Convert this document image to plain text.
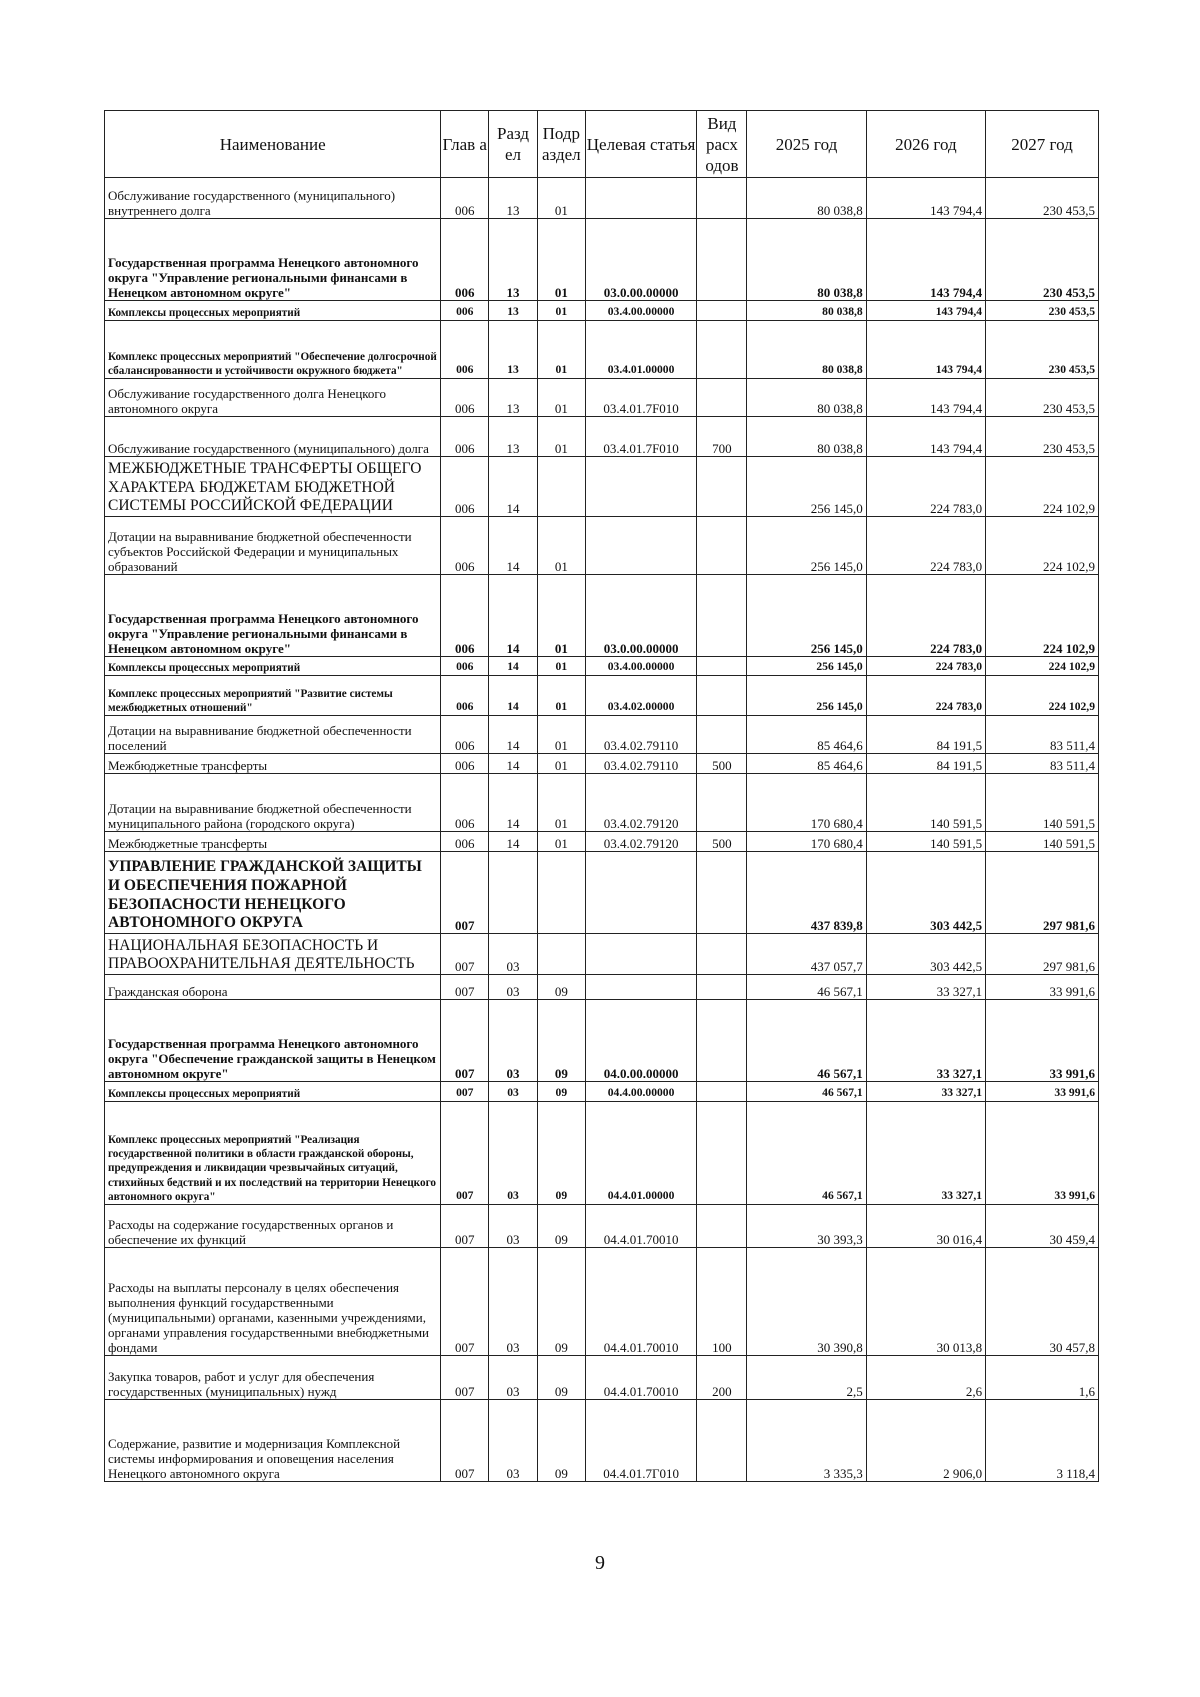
Наименование	Глав а	Разд ел	Подр аздел	Целевая статья	Вид расх одов	2025 год	2026 год	2027 год
Обслуживание государственного (муниципального) внутреннего долга	006	13	01			80 038,8	143 794,4	230 453,5
Государственная программа Ненецкого автономного округа "Управление региональными финансами в Ненецком автономном округе"	006	13	01	03.0.00.00000		80 038,8	143 794,4	230 453,5
Комплексы процессных мероприятий	006	13	01	03.4.00.00000		80 038,8	143 794,4	230 453,5
Комплекс процессных мероприятий "Обеспечение долгосрочной сбалансированности и устойчивости окружного бюджета"	006	13	01	03.4.01.00000		80 038,8	143 794,4	230 453,5
Обслуживание государственного долга Ненецкого автономного округа	006	13	01	03.4.01.7F010		80 038,8	143 794,4	230 453,5
Обслуживание государственного (муниципального) долга	006	13	01	03.4.01.7F010	700	80 038,8	143 794,4	230 453,5
МЕЖБЮДЖЕТНЫЕ ТРАНСФЕРТЫ ОБЩЕГО ХАРАКТЕРА БЮДЖЕТАМ БЮДЖЕТНОЙ СИСТЕМЫ РОССИЙСКОЙ ФЕДЕРАЦИИ	006	14				256 145,0	224 783,0	224 102,9
Дотации на выравнивание бюджетной обеспеченности субъектов Российской Федерации и муниципальных образований	006	14	01			256 145,0	224 783,0	224 102,9
Государственная программа Ненецкого автономного округа "Управление региональными финансами в Ненецком автономном округе"	006	14	01	03.0.00.00000		256 145,0	224 783,0	224 102,9
Комплексы процессных мероприятий	006	14	01	03.4.00.00000		256 145,0	224 783,0	224 102,9
Комплекс процессных мероприятий "Развитие системы межбюджетных отношений"	006	14	01	03.4.02.00000		256 145,0	224 783,0	224 102,9
Дотации на выравнивание бюджетной обеспеченности поселений	006	14	01	03.4.02.79110		85 464,6	84 191,5	83 511,4
Межбюджетные трансферты	006	14	01	03.4.02.79110	500	85 464,6	84 191,5	83 511,4
Дотации на выравнивание бюджетной обеспеченности муниципального района (городского округа)	006	14	01	03.4.02.79120		170 680,4	140 591,5	140 591,5
Межбюджетные трансферты	006	14	01	03.4.02.79120	500	170 680,4	140 591,5	140 591,5
УПРАВЛЕНИЕ ГРАЖДАНСКОЙ ЗАЩИТЫ И ОБЕСПЕЧЕНИЯ ПОЖАРНОЙ БЕЗОПАСНОСТИ НЕНЕЦКОГО АВТОНОМНОГО ОКРУГА	007					437 839,8	303 442,5	297 981,6
НАЦИОНАЛЬНАЯ БЕЗОПАСНОСТЬ И ПРАВООХРАНИТЕЛЬНАЯ ДЕЯТЕЛЬНОСТЬ	007	03				437 057,7	303 442,5	297 981,6
Гражданская оборона	007	03	09			46 567,1	33 327,1	33 991,6
Государственная программа Ненецкого автономного округа "Обеспечение гражданской защиты в Ненецком автономном округе"	007	03	09	04.0.00.00000		46 567,1	33 327,1	33 991,6
Комплексы процессных мероприятий	007	03	09	04.4.00.00000		46 567,1	33 327,1	33 991,6
Комплекс процессных мероприятий "Реализация государственной политики в области гражданской обороны, предупреждения и ликвидации чрезвычайных ситуаций, стихийных бедствий и их последствий на территории Ненецкого автономного округа"	007	03	09	04.4.01.00000		46 567,1	33 327,1	33 991,6
Расходы на содержание государственных органов и обеспечение их функций	007	03	09	04.4.01.70010		30 393,3	30 016,4	30 459,4
Расходы на выплаты персоналу в целях обеспечения выполнения функций государственными (муниципальными) органами, казенными учреждениями, органами управления государственными внебюджетными фондами	007	03	09	04.4.01.70010	100	30 390,8	30 013,8	30 457,8
Закупка товаров, работ и услуг для обеспечения государственных (муниципальных) нужд	007	03	09	04.4.01.70010	200	2,5	2,6	1,6
Содержание, развитие и модернизация Комплексной системы информирования и оповещения населения Ненецкого автономного округа	007	03	09	04.4.01.7Г010		3 335,3	2 906,0	3 118,4
9
